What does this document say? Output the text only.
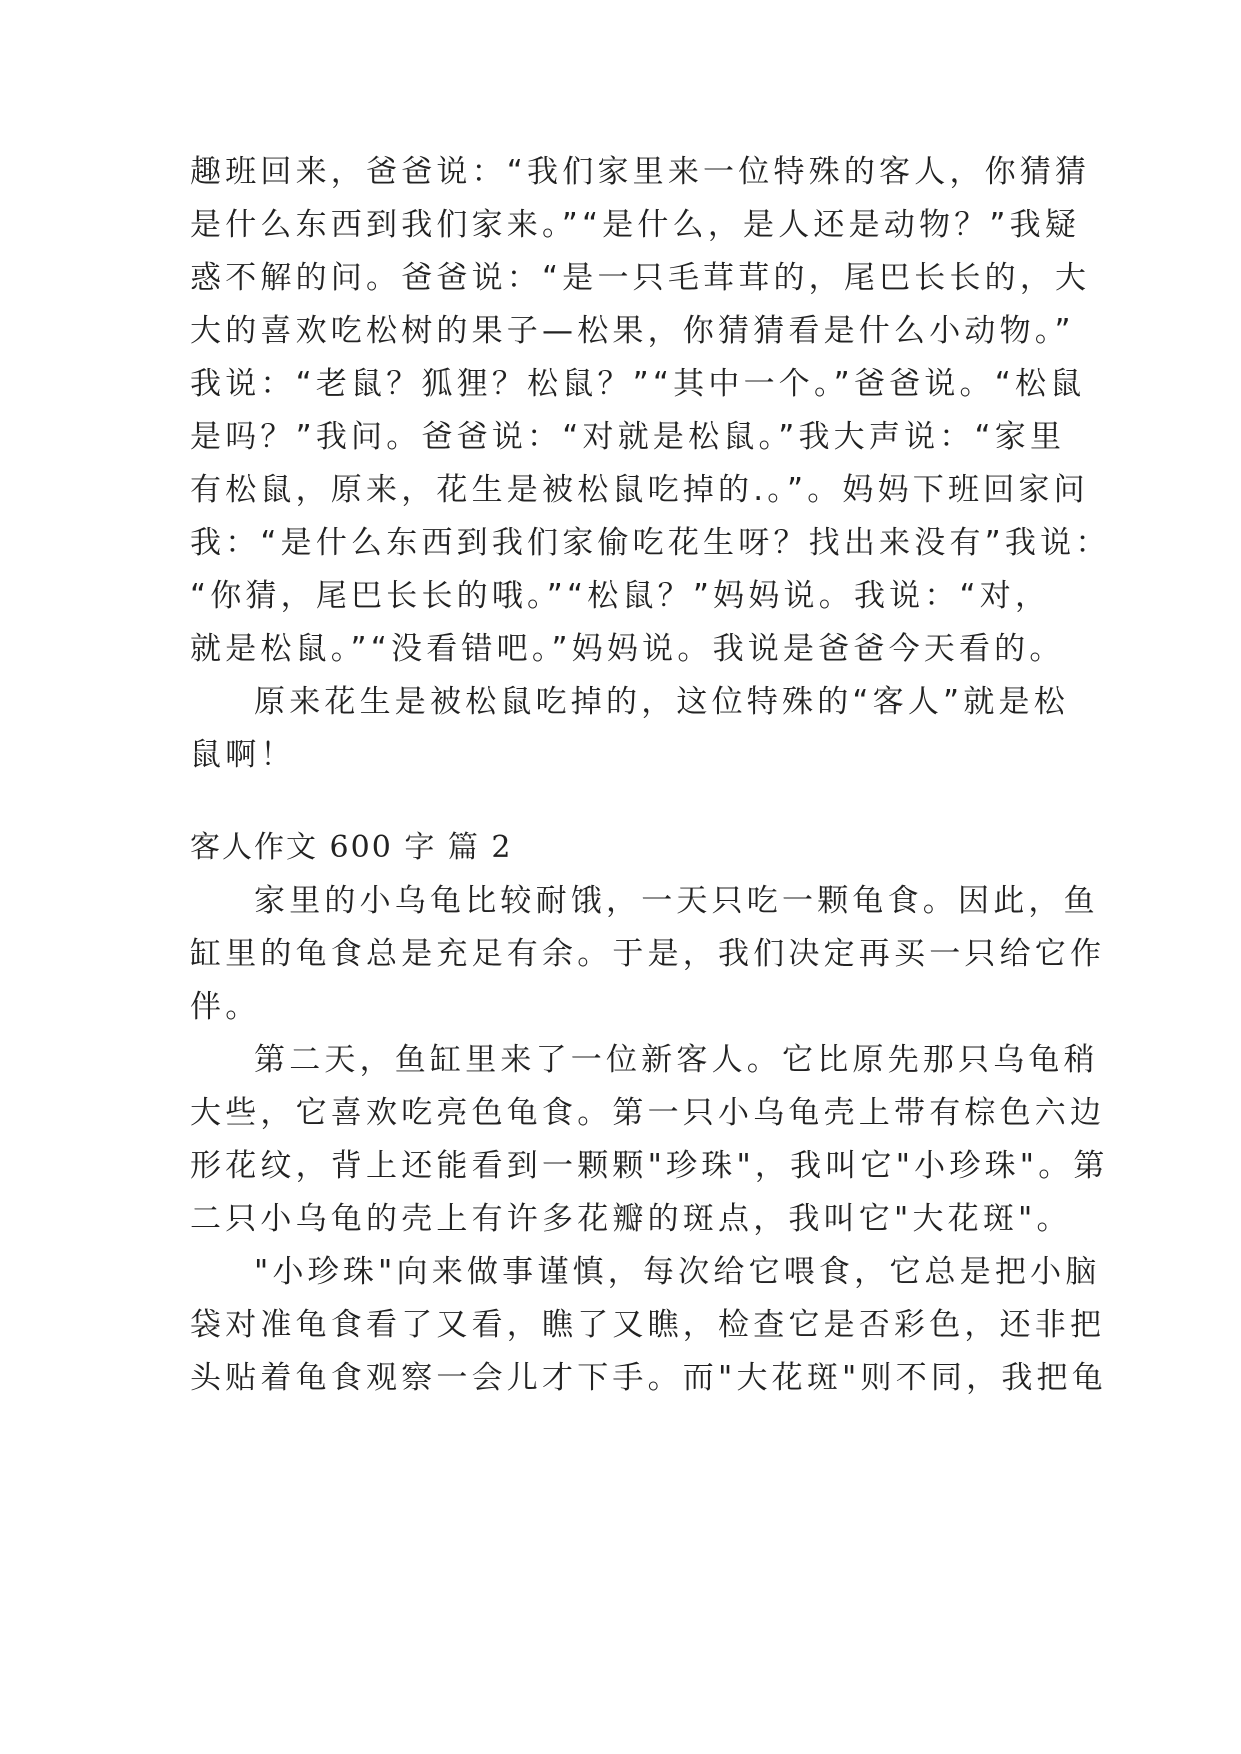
趣班回来，爸爸说：“我们家里来一位特殊的客人，你猜猜
是什么东西到我们家来。”“是什么，是人还是动物？”我疑
惑不解的问。爸爸说：“是一只毛茸茸的，尾巴长长的，大
大的喜欢吃松树的果子—松果，你猜猜看是什么小动物。”
我说：“老鼠？狐狸？松鼠？”“其中一个。”爸爸说。“松鼠
是吗？”我问。爸爸说：“对就是松鼠。”我大声说：“家里
有松鼠，原来，花生是被松鼠吃掉的.。”。妈妈下班回家问
我：“是什么东西到我们家偷吃花生呀？找出来没有”我说：
“你猜，尾巴长长的哦。”“松鼠？”妈妈说。我说：“对，
就是松鼠。”“没看错吧。”妈妈说。我说是爸爸今天看的。
原来花生是被松鼠吃掉的，这位特殊的“客人”就是松
鼠啊！
客人作文 600 字 篇 2
家里的小乌龟比较耐饿，一天只吃一颗龟食。因此，鱼
缸里的龟食总是充足有余。于是，我们决定再买一只给它作
伴。
第二天，鱼缸里来了一位新客人。它比原先那只乌龟稍
大些，它喜欢吃亮色龟食。第一只小乌龟壳上带有棕色六边
形花纹，背上还能看到一颗颗"珍珠"，我叫它"小珍珠"。第
二只小乌龟的壳上有许多花瓣的斑点，我叫它"大花斑"。
"小珍珠"向来做事谨慎，每次给它喂食，它总是把小脑
袋对准龟食看了又看，瞧了又瞧，检查它是否彩色，还非把
头贴着龟食观察一会儿才下手。而"大花斑"则不同，我把龟
